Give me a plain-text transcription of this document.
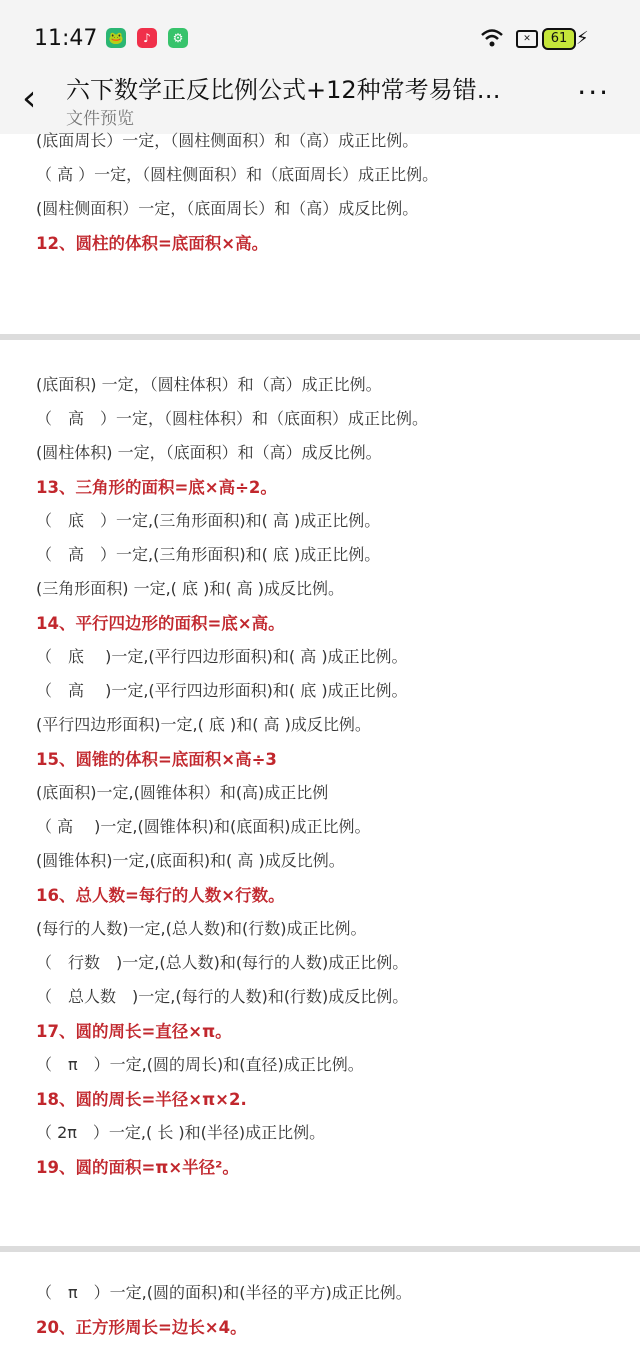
11:47 🐸	♪	⚙	✕	61 ⚡
‹ 六下数学正反比例公式+12种常考易错…
文件预览
···
(底面周长）一定，（圆柱侧面积）和（高）成正比例。
（ 高 ）一定，（圆柱侧面积）和（底面周长）成正比例。
(圆柱侧面积）一定，（底面周长）和（高）成反比例。
12、圆柱的体积=底面积×高。
(底面积) 一定，（圆柱体积）和（高）成正比例。
（　高　）一定，（圆柱体积）和（底面积）成正比例。
(圆柱体积) 一定，（底面积）和（高）成反比例。
13、三角形的面积=底×高÷2。
（　底　）一定,(三角形面积)和( 高 )成正比例。
（　高　）一定,(三角形面积)和( 底 )成正比例。
(三角形面积) 一定,( 底 )和( 高 )成反比例。
14、平行四边形的面积=底×高。
（　底　 )一定,(平行四边形面积)和( 高 )成正比例。
（　高　 )一定,(平行四边形面积)和( 底 )成正比例。
(平行四边形面积)一定,( 底 )和( 高 )成反比例。
15、圆锥的体积=底面积×高÷3
(底面积)一定,(圆锥体积）和(高)成正比例
（ 高　 )一定,(圆锥体积)和(底面积)成正比例。
(圆锥体积)一定,(底面积)和( 高 )成反比例。
16、总人数=每行的人数×行数。
(每行的人数)一定,(总人数)和(行数)成正比例。
（　行数　)一定,(总人数)和(每行的人数)成正比例。
（　总人数　)一定,(每行的人数)和(行数)成反比例。
17、圆的周长=直径×π。
（　π　）一定,(圆的周长)和(直径)成正比例。
18、圆的周长=半径×π×2.
（ 2π　）一定,( 长 )和(半径)成正比例。
19、圆的面积=π×半径²。
（　π　）一定,(圆的面积)和(半径的平方)成正比例。
20、正方形周长=边长×4。
